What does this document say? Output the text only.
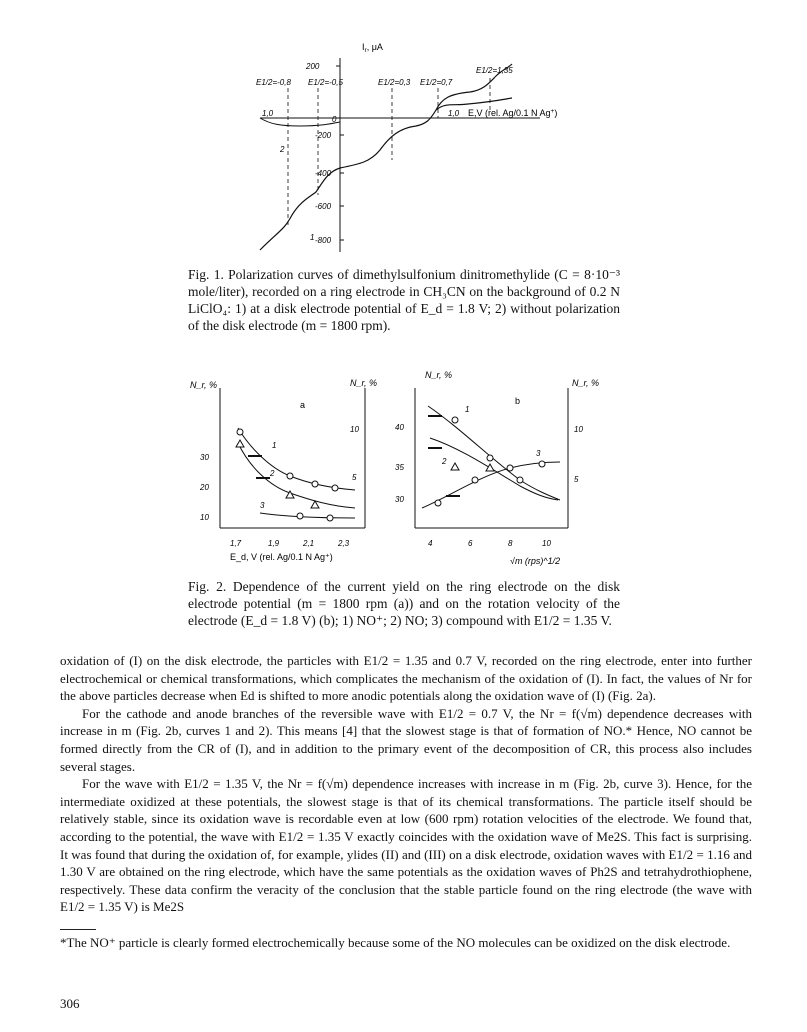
$I_r$, μA
200
0
-200
-400
-600
-800
1,0
1,0	E,V (rel. Ag/0.1 N Ag+)
E1/2=-0,8 E1/2=-0,5	E1/2=0,3 E1/2=0,7
E1/2=1,35
1
2
Fig. 1. Polarization curves of dimethylsulfonium dinitromethylide (C = 8·10⁻³ mole/liter), recorded on a ring electrode in CH₃CN on the background of 0.2 N LiClO₄: 1) at a disk electrode potential of E_d = 1.8 V; 2) without polarization of the disk electrode (m = 1800 rpm).
N_r, %	N_r, %
a
30
20
10
10
5
1,7	1,9	2,1	2,3
E_d, V (rel. Ag/0.1 N Ag⁺)
1
2
3
N_r, %
N_r, %
b
40
35
30
10
5
4	6	8	10
√m (rps)^1/2
1
2
3
Fig. 2. Dependence of the current yield on the ring electrode on the disk electrode potential (m = 1800 rpm (a)) and on the rotation velocity of the electrode (E_d = 1.8 V) (b); 1) NO⁺; 2) NO; 3) compound with E1/2 = 1.35 V.

oxidation of (I) on the disk electrode, the particles with E1/2 = 1.35 and 0.7 V, recorded on the ring electrode, enter into further electrochemical or chemical transformations, which complicates the mechanism of the oxidation of (I). In fact, the values of Nr for the above particles decrease when Ed is shifted to more anodic potentials along the oxidation wave of (I) (Fig. 2a).

For the cathode and anode branches of the reversible wave with E1/2 = 0.7 V, the Nr = f(√m) dependence decreases with increase in m (Fig. 2b, curves 1 and 2). This means [4] that the slowest stage is that of formation of NO.* Hence, NO cannot be formed directly from the CR of (I), and in addition to the primary event of the decomposition of CR, this process also includes several stages.

For the wave with E1/2 = 1.35 V, the Nr = f(√m) dependence increases with increase in m (Fig. 2b, curve 3). Hence, for the intermediate oxidized at these potentials, the slowest stage is that of its chemical transformations. The particle itself should be relatively stable, since its oxidation wave is recordable even at low (600 rpm) rotation velocities of the electrode. We found that, according to the potential, the wave with E1/2 = 1.35 V exactly coincides with the oxidation wave of Me2S. This fact is surprising. It was found that during the oxidation of, for example, ylides (II) and (III) on a disk electrode, oxidation waves with E1/2 = 1.16 and 1.30 V are obtained on the ring electrode, which have the same potentials as the oxidation waves of Ph2S and tetrahydrothiophene, respectively. These data confirm the veracity of the conclusion that the stable particle found on the ring electrode (the wave with E1/2 = 1.35 V) is Me2S

*The NO⁺ particle is clearly formed electrochemically because some of the NO molecules can be oxidized on the disk electrode.
306
